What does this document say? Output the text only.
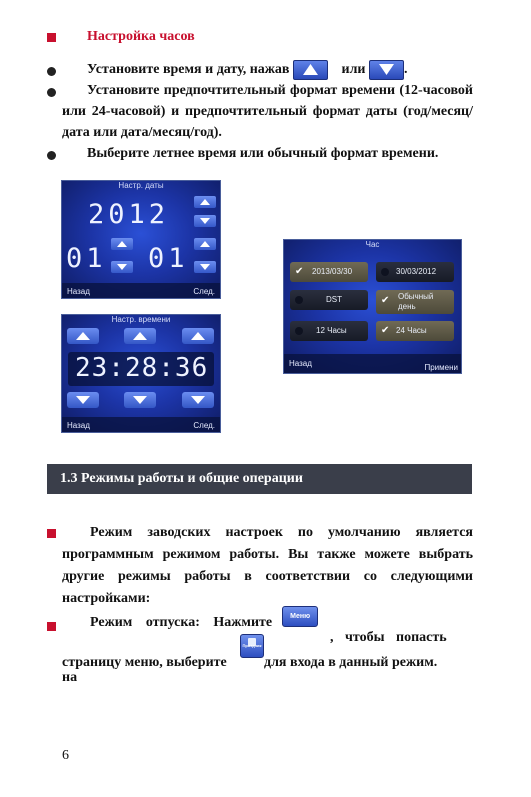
Настройка часов
Установите время и дату, нажав	или	.
Установите предпочтительный формат времени (12-часовой или 24-часовой) и предпочтительный формат даты (год/месяц/дата или дата/месяц/год).
Выберите летнее время или обычный формат времени.
Настр. даты
2012
01 01
Назад	След.
Настр. времени
23:28:36
Назад	След.
Час
✔ 2013/03/30	30/03/2012
DST	✔ Обычный день
12 Часы	✔ 24 Часы
Назад	Примени
1.3 Режимы работы и общие операции
Режим заводских настроек по умолчанию является программным режимом работы. Вы также можете выбрать другие режимы работы в соответствии со следующими настройками:
Режим отпуска: Нажмите	Меню
, чтобы попасть на
страницу меню, выберите
Праздник
для входа в данный режим.
6
